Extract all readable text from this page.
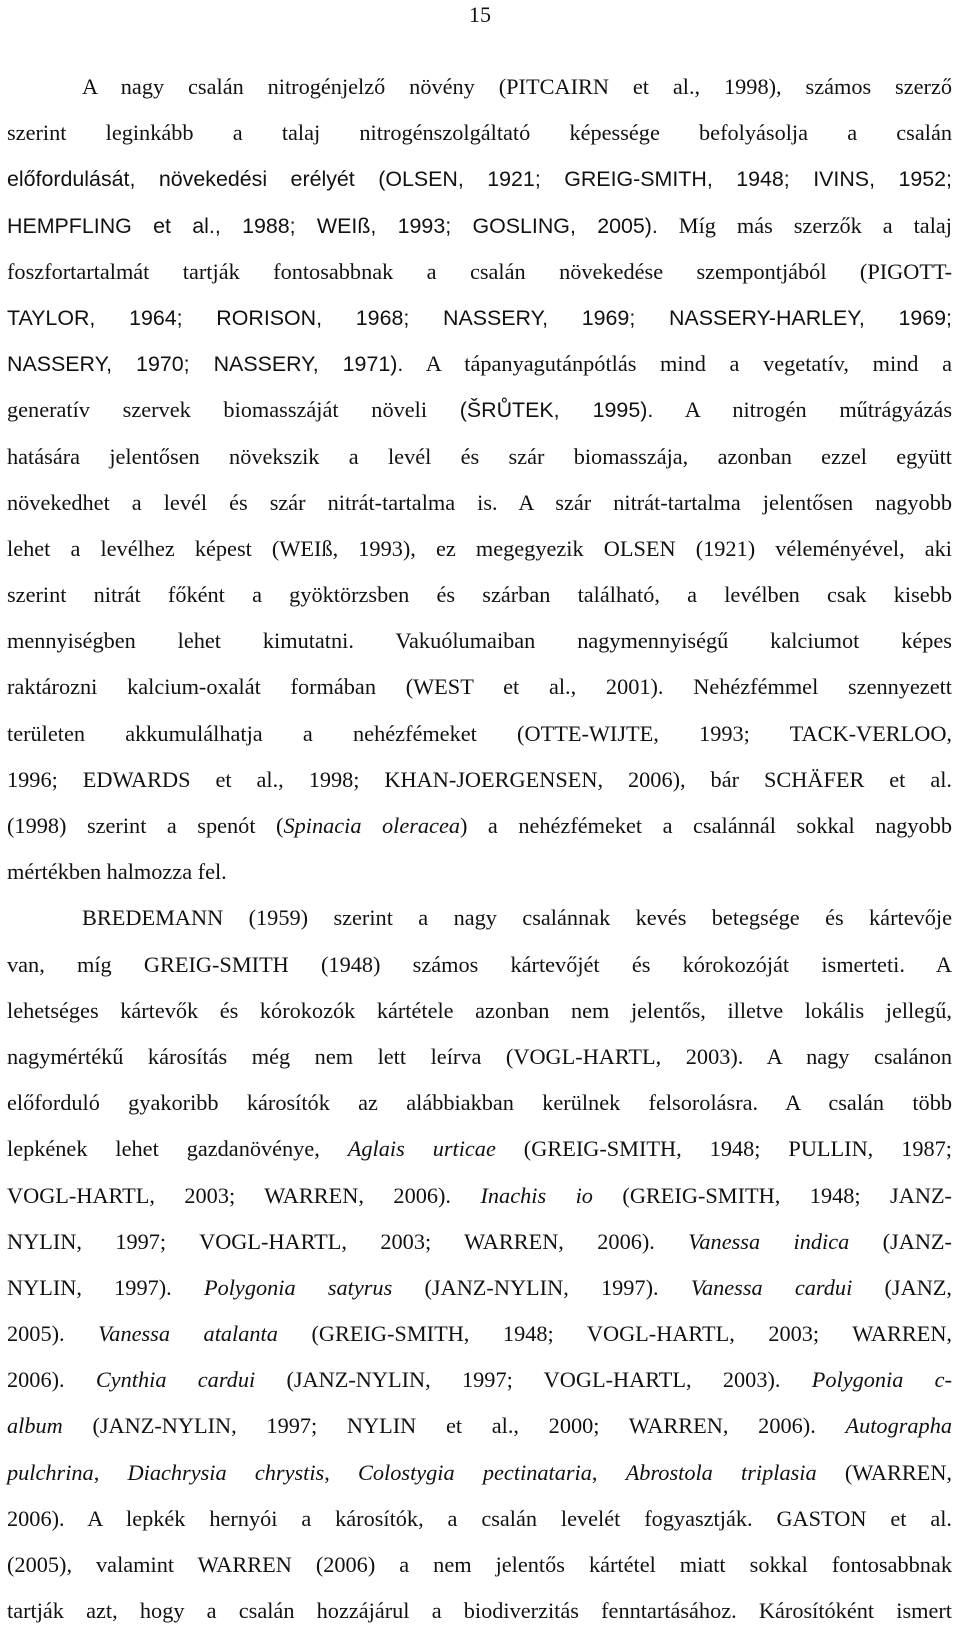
15
A nagy csalán nitrogénjelző növény (PITCAIRN et al., 1998), számos szerző
szerint leginkább a talaj nitrogénszolgáltató képessége befolyásolja a csalán
előfordulását, növekedési erélyét (OLSEN, 1921; GREIG-SMITH, 1948; IVINS, 1952;
HEMPFLING et al., 1988; WEIß, 1993; GOSLING, 2005). Míg más szerzők a talaj
foszfortartalmát tartják fontosabbnak a csalán növekedése szempontjából (PIGOTT-
TAYLOR, 1964; RORISON, 1968; NASSERY, 1969; NASSERY-HARLEY, 1969;
NASSERY, 1970; NASSERY, 1971). A tápanyagutánpótlás mind a vegetatív, mind a
generatív szervek biomasszáját növeli (ŠRŮTEK, 1995). A nitrogén műtrágyázás
hatására jelentősen növekszik a levél és szár biomasszája, azonban ezzel együtt
növekedhet a levél és szár nitrát-tartalma is. A szár nitrát-tartalma jelentősen nagyobb
lehet a levélhez képest (WEIß, 1993), ez megegyezik OLSEN (1921) véleményével, aki
szerint nitrát főként a gyöktörzsben és szárban található, a levélben csak kisebb
mennyiségben lehet kimutatni. Vakuólumaiban nagymennyiségű kalciumot képes
raktározni kalcium-oxalát formában (WEST et al., 2001). Nehézfémmel szennyezett
területen akkumulálhatja a nehézfémeket (OTTE-WIJTE, 1993; TACK-VERLOO,
1996; EDWARDS et al., 1998; KHAN-JOERGENSEN, 2006), bár SCHÄFER et al.
(1998) szerint a spenót (Spinacia oleracea) a nehézfémeket a csalánnál sokkal nagyobb
mértékben halmozza fel.
BREDEMANN (1959) szerint a nagy csalánnak kevés betegsége és kártevője
van, míg GREIG-SMITH (1948) számos kártevőjét és kórokozóját ismerteti. A
lehetséges kártevők és kórokozók kártétele azonban nem jelentős, illetve lokális jellegű,
nagymértékű károsítás még nem lett leírva (VOGL-HARTL, 2003). A nagy csalánon
előforduló gyakoribb károsítók az alábbiakban kerülnek felsorolásra. A csalán több
lepkének lehet gazdanövénye, Aglais urticae (GREIG-SMITH, 1948; PULLIN, 1987;
VOGL-HARTL, 2003; WARREN, 2006). Inachis io (GREIG-SMITH, 1948; JANZ-
NYLIN, 1997; VOGL-HARTL, 2003; WARREN, 2006). Vanessa indica (JANZ-
NYLIN, 1997). Polygonia satyrus (JANZ-NYLIN, 1997). Vanessa cardui (JANZ,
2005). Vanessa atalanta (GREIG-SMITH, 1948; VOGL-HARTL, 2003; WARREN,
2006). Cynthia cardui (JANZ-NYLIN, 1997; VOGL-HARTL, 2003). Polygonia c-
album (JANZ-NYLIN, 1997; NYLIN et al., 2000; WARREN, 2006). Autographa
pulchrina, Diachrysia chrystis, Colostygia pectinataria, Abrostola triplasia (WARREN,
2006). A lepkék hernyói a károsítók, a csalán levelét fogyasztják. GASTON et al.
(2005), valamint WARREN (2006) a nem jelentős kártétel miatt sokkal fontosabbnak
tartják azt, hogy a csalán hozzájárul a biodiverzitás fenntartásához. Károsítóként ismert
